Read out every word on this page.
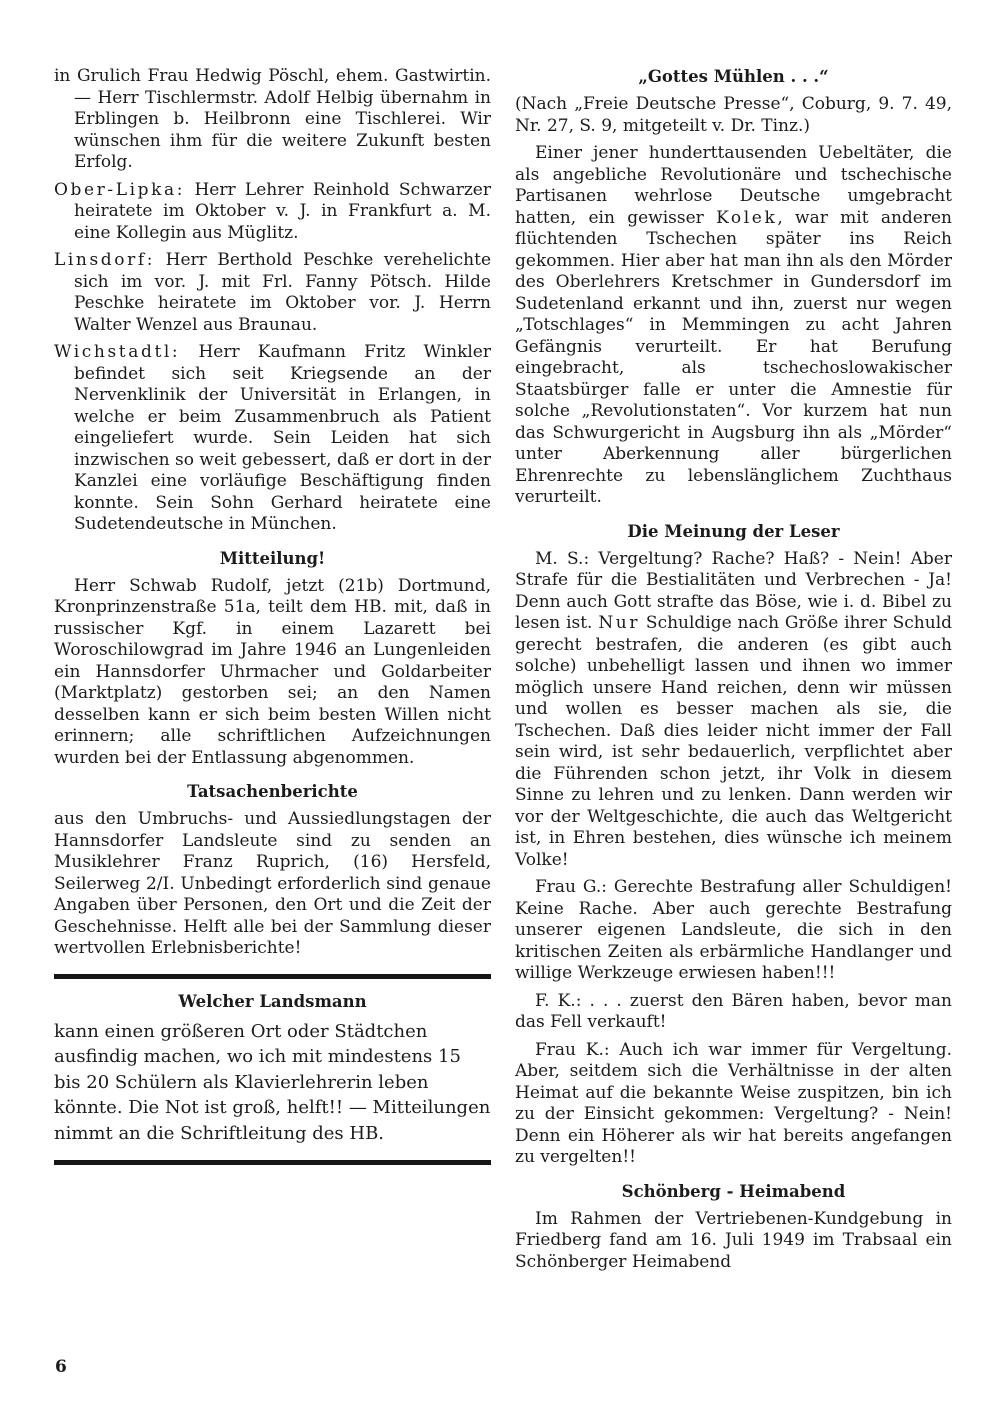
in Grulich Frau Hedwig Pöschl, ehem. Gastwirtin. — Herr Tischlermstr. Adolf Helbig übernahm in Erblingen b. Heilbronn eine Tischlerei. Wir wünschen ihm für die weitere Zukunft besten Erfolg.

Ober-Lipka: Herr Lehrer Reinhold Schwarzer heiratete im Oktober v. J. in Frankfurt a. M. eine Kollegin aus Müglitz.

Linsdorf: Herr Berthold Peschke verehelichte sich im vor. J. mit Frl. Fanny Pötsch. Hilde Peschke heiratete im Oktober vor. J. Herrn Walter Wenzel aus Braunau.

Wichstadtl: Herr Kaufmann Fritz Winkler befindet sich seit Kriegsende an der Nervenklinik der Universität in Erlangen, in welche er beim Zusammenbruch als Patient eingeliefert wurde. Sein Leiden hat sich inzwischen so weit gebessert, daß er dort in der Kanzlei eine vorläufige Beschäftigung finden konnte. Sein Sohn Gerhard heiratete eine Sudetendeutsche in München.

Mitteilung!

Herr Schwab Rudolf, jetzt (21b) Dortmund, Kronprinzenstraße 51a, teilt dem HB. mit, daß in russischer Kgf. in einem Lazarett bei Woroschilowgrad im Jahre 1946 an Lungenleiden ein Hannsdorfer Uhrmacher und Goldarbeiter (Marktplatz) gestorben sei; an den Namen desselben kann er sich beim besten Willen nicht erinnern; alle schriftlichen Aufzeichnungen wurden bei der Entlassung abgenommen.

Tatsachenberichte

aus den Umbruchs- und Aussiedlungstagen der Hannsdorfer Landsleute sind zu senden an Musiklehrer Franz Ruprich, (16) Hersfeld, Seilerweg 2/I. Unbedingt erforderlich sind genaue Angaben über Personen, den Ort und die Zeit der Geschehnisse. Helft alle bei der Sammlung dieser wertvollen Erlebnisberichte!

Welcher Landsmann

kann einen größeren Ort oder Städtchen ausfindig machen, wo ich mit mindestens 15 bis 20 Schülern als Klavierlehrerin leben könnte. Die Not ist groß, helft!! — Mitteilungen nimmt an die Schriftleitung des HB.

„Gottes Mühlen . . .“

(Nach „Freie Deutsche Presse“, Coburg, 9. 7. 49, Nr. 27, S. 9, mitgeteilt v. Dr. Tinz.)

Einer jener hunderttausenden Uebeltäter, die als angebliche Revolutionäre und tschechische Partisanen wehrlose Deutsche umgebracht hatten, ein gewisser Kolek, war mit anderen flüchtenden Tschechen später ins Reich gekommen. Hier aber hat man ihn als den Mörder des Oberlehrers Kretschmer in Gundersdorf im Sudetenland erkannt und ihn, zuerst nur wegen „Totschlages“ in Memmingen zu acht Jahren Gefängnis verurteilt. Er hat Berufung eingebracht, als tschechoslowakischer Staatsbürger falle er unter die Amnestie für solche „Revolutionstaten“. Vor kurzem hat nun das Schwurgericht in Augsburg ihn als „Mörder“ unter Aberkennung aller bürgerlichen Ehrenrechte zu lebenslänglichem Zuchthaus verurteilt.

Die Meinung der Leser

M. S.: Vergeltung? Rache? Haß? - Nein! Aber Strafe für die Bestialitäten und Verbrechen - Ja! Denn auch Gott strafte das Böse, wie i. d. Bibel zu lesen ist. Nur Schuldige nach Größe ihrer Schuld gerecht bestrafen, die anderen (es gibt auch solche) unbehelligt lassen und ihnen wo immer möglich unsere Hand reichen, denn wir müssen und wollen es besser machen als sie, die Tschechen. Daß dies leider nicht immer der Fall sein wird, ist sehr bedauerlich, verpflichtet aber die Führenden schon jetzt, ihr Volk in diesem Sinne zu lehren und zu lenken. Dann werden wir vor der Weltgeschichte, die auch das Weltgericht ist, in Ehren bestehen, dies wünsche ich meinem Volke!

Frau G.: Gerechte Bestrafung aller Schuldigen! Keine Rache. Aber auch gerechte Bestrafung unserer eigenen Landsleute, die sich in den kritischen Zeiten als erbärmliche Handlanger und willige Werkzeuge erwiesen haben!!!

F. K.: . . . zuerst den Bären haben, bevor man das Fell verkauft!

Frau K.: Auch ich war immer für Vergeltung. Aber, seitdem sich die Verhältnisse in der alten Heimat auf die bekannte Weise zuspitzen, bin ich zu der Einsicht gekommen: Vergeltung? - Nein! Denn ein Höherer als wir hat bereits angefangen zu vergelten!!

Schönberg - Heimabend

Im Rahmen der Vertriebenen-Kundgebung in Friedberg fand am 16. Juli 1949 im Trabsaal ein Schönberger Heimabend

6
